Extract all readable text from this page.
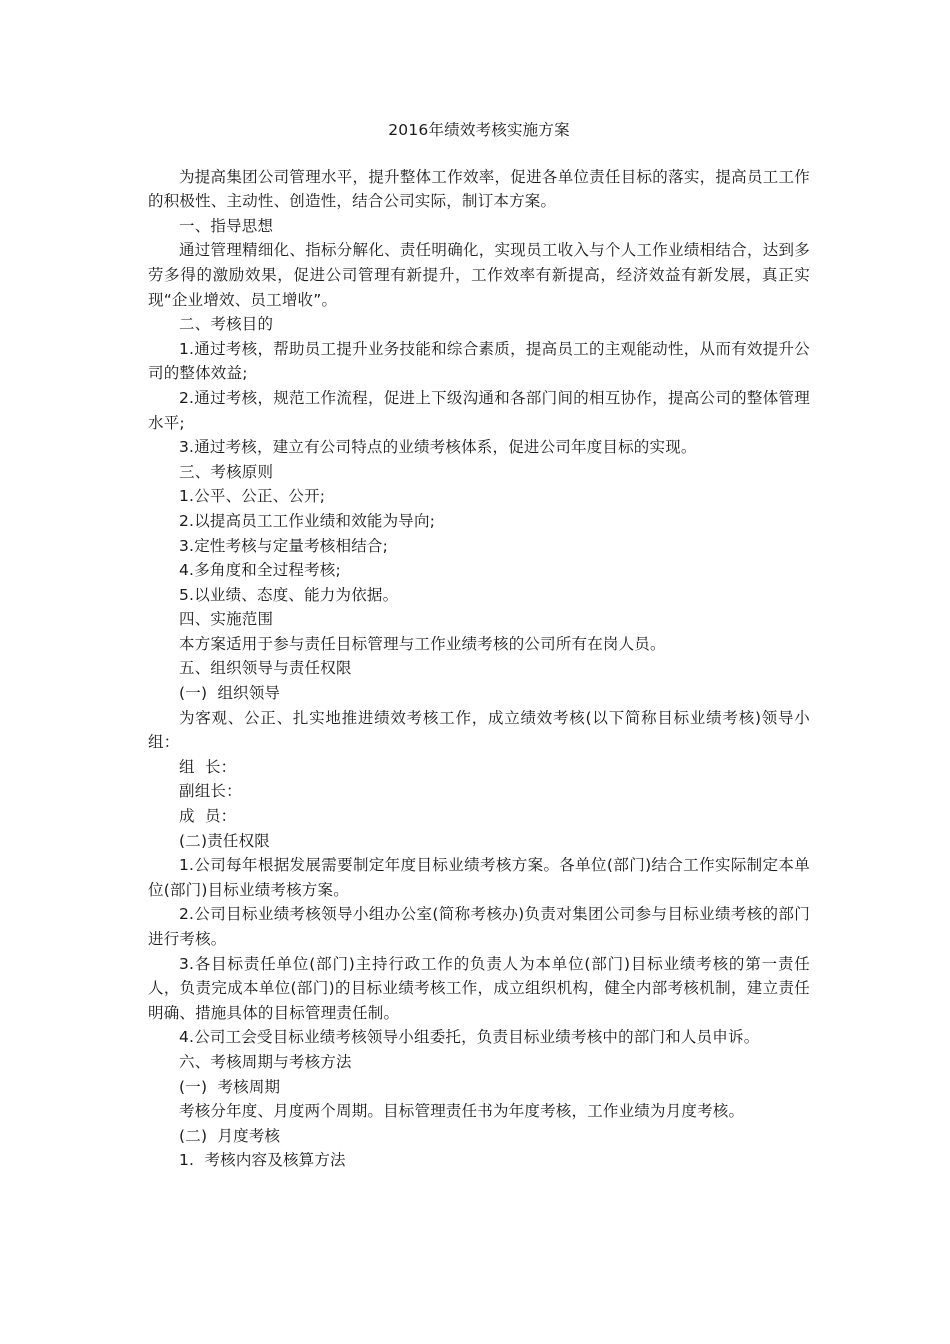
2016年绩效考核实施方案

为提高集团公司管理水平，提升整体工作效率，促进各单位责任目标的落实，提高员工工作的积极性、主动性、创造性，结合公司实际，制订本方案。

一、指导思想

通过管理精细化、指标分解化、责任明确化，实现员工收入与个人工作业绩相结合，达到多劳多得的激励效果，促进公司管理有新提升，工作效率有新提高，经济效益有新发展，真正实现“企业增效、员工增收”。

二、考核目的

1.通过考核，帮助员工提升业务技能和综合素质，提高员工的主观能动性，从而有效提升公司的整体效益;

2.通过考核，规范工作流程，促进上下级沟通和各部门间的相互协作，提高公司的整体管理水平;

3.通过考核，建立有公司特点的业绩考核体系，促进公司年度目标的实现。

三、考核原则

1.公平、公正、公开;

2.以提高员工工作业绩和效能为导向;

3.定性考核与定量考核相结合;

4.多角度和全过程考核;

5.以业绩、态度、能力为依据。

四、实施范围

本方案适用于参与责任目标管理与工作业绩考核的公司所有在岗人员。

五、组织领导与责任权限

(一)  组织领导

为客观、公正、扎实地推进绩效考核工作，成立绩效考核(以下简称目标业绩考核)领导小组：

组  长：

副组长：

成  员：

(二)责任权限

1.公司每年根据发展需要制定年度目标业绩考核方案。各单位(部门)结合工作实际制定本单位(部门)目标业绩考核方案。

2.公司目标业绩考核领导小组办公室(简称考核办)负责对集团公司参与目标业绩考核的部门进行考核。

3.各目标责任单位(部门)主持行政工作的负责人为本单位(部门)目标业绩考核的第一责任人，负责完成本单位(部门)的目标业绩考核工作，成立组织机构，健全内部考核机制，建立责任明确、措施具体的目标管理责任制。

4.公司工会受目标业绩考核领导小组委托，负责目标业绩考核中的部门和人员申诉。

六、考核周期与考核方法

(一)  考核周期

考核分年度、月度两个周期。目标管理责任书为年度考核，工作业绩为月度考核。

(二)  月度考核

1.  考核内容及核算方法
